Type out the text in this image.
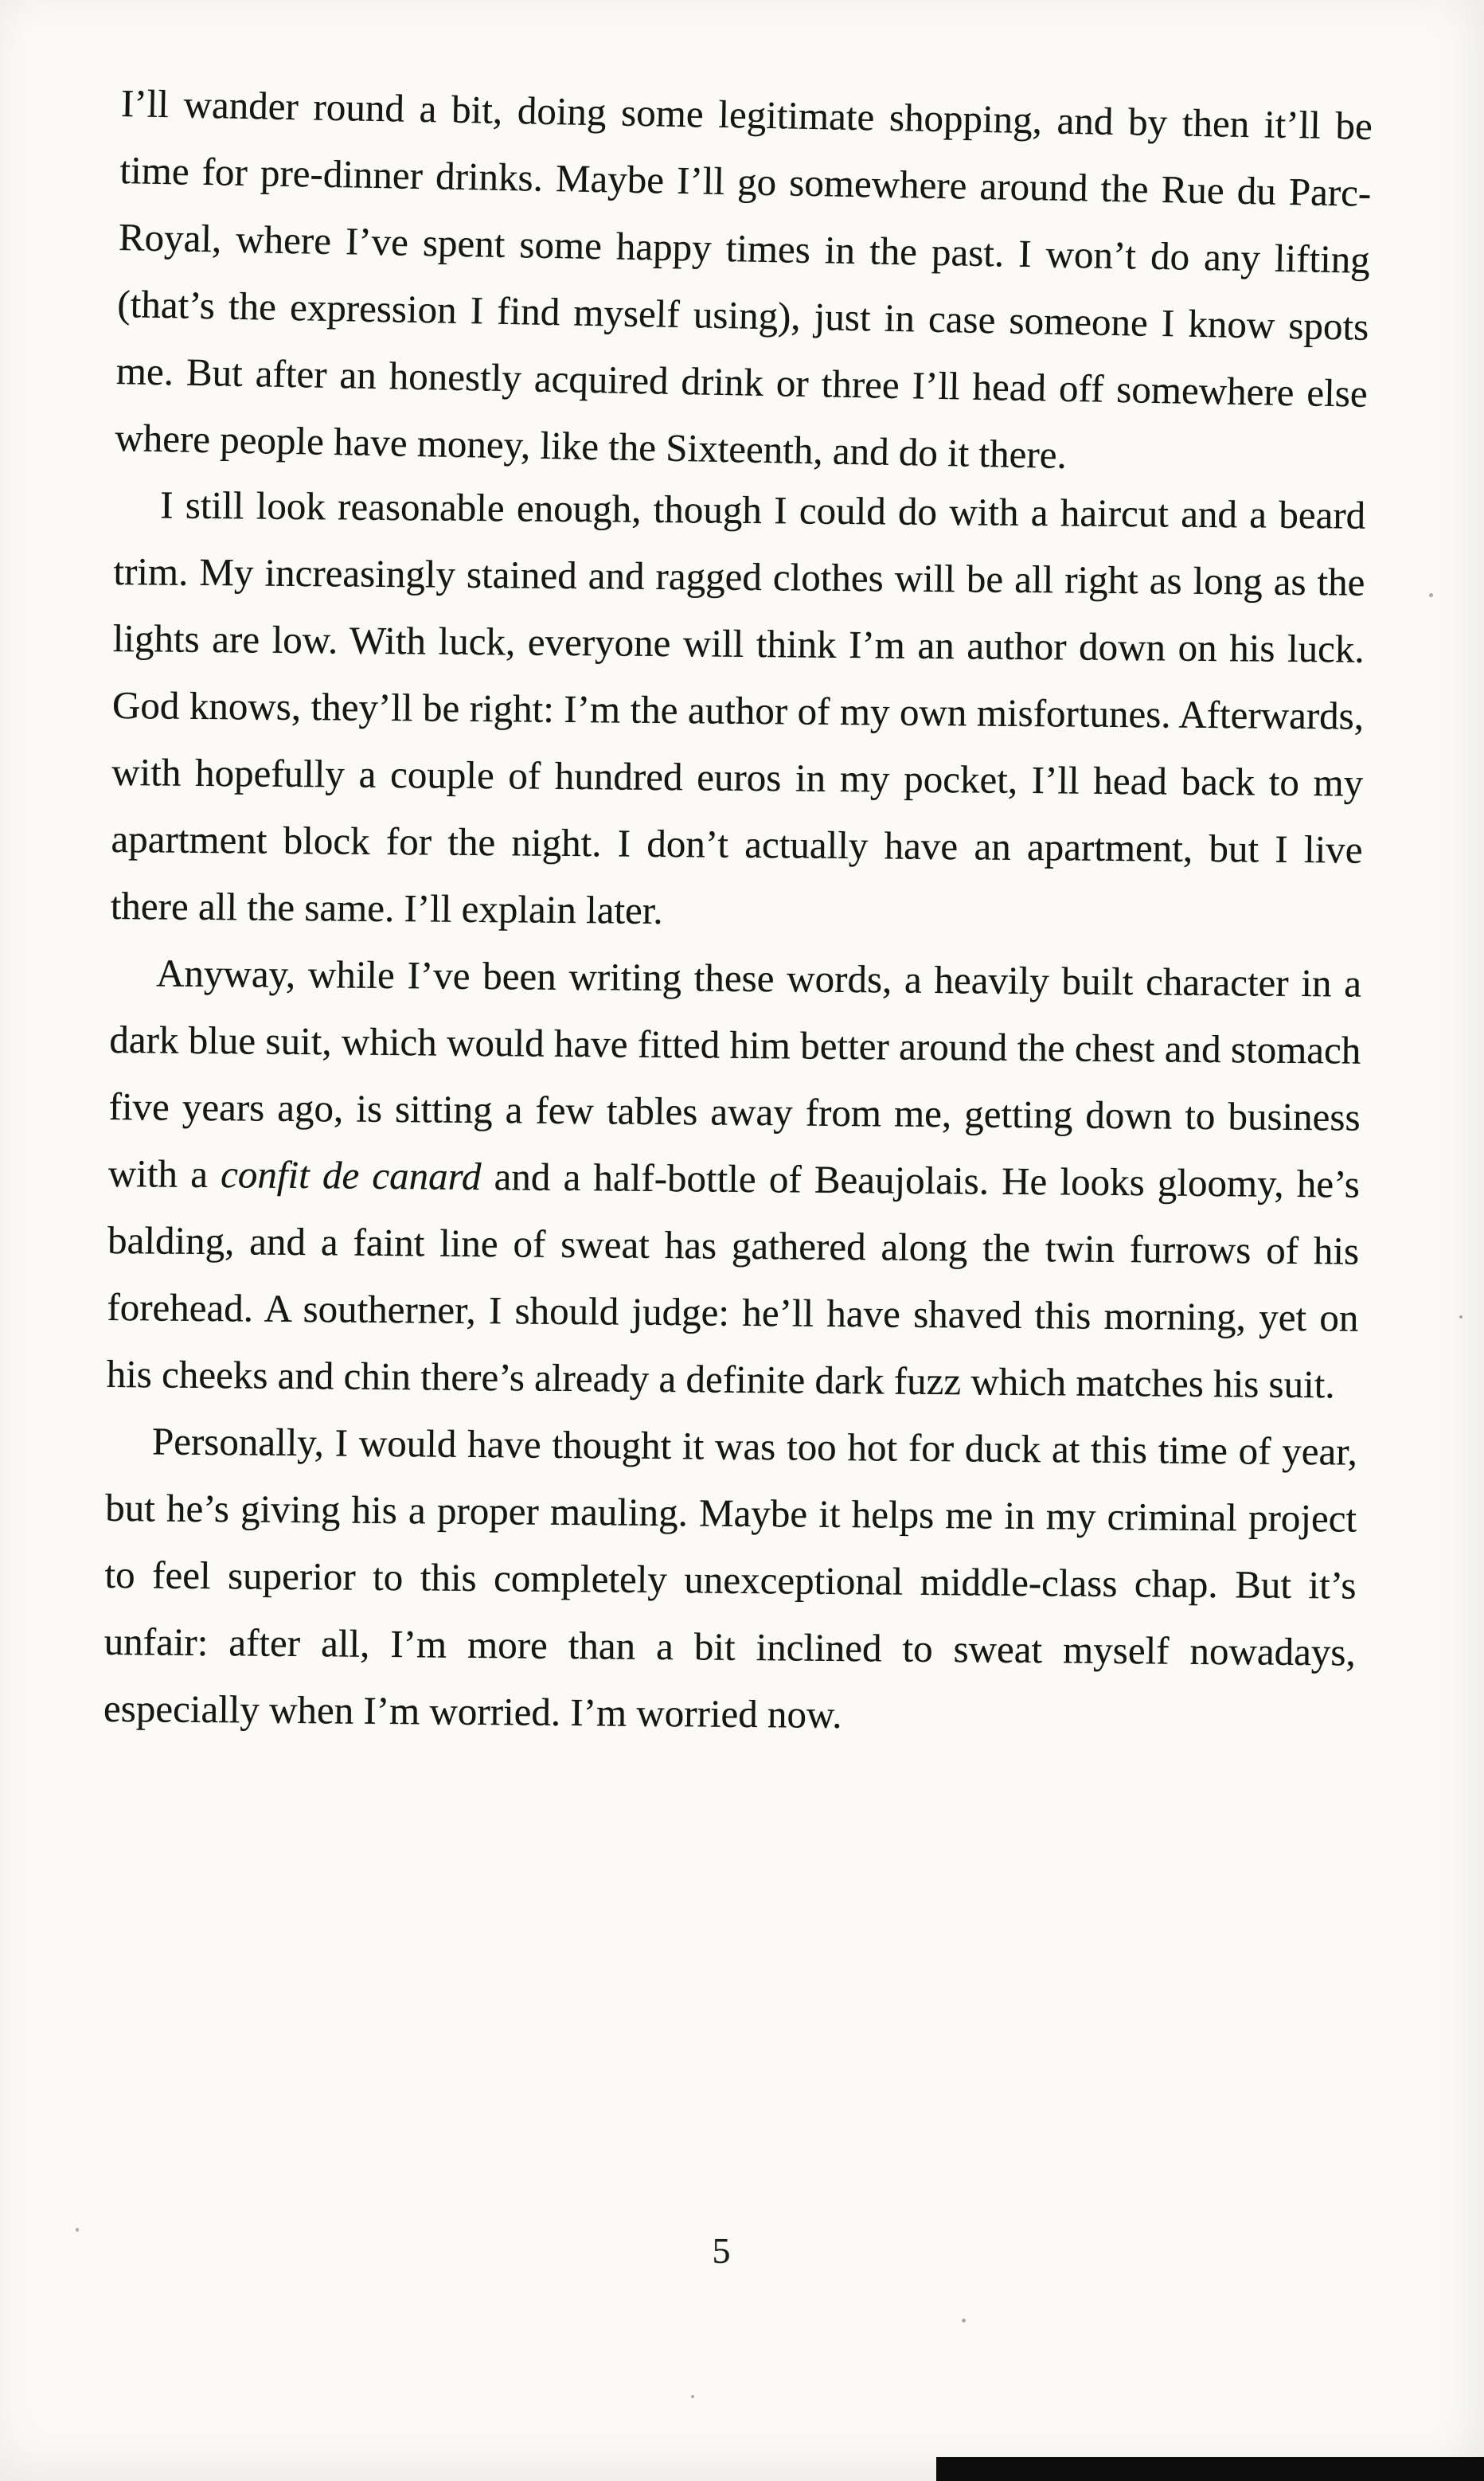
I’ll wander round a bit, doing some legitimate shopping, and by then it’ll be time for pre-dinner drinks. Maybe I’ll go somewhere around the Rue du Parc-Royal, where I’ve spent some happy times in the past. I won’t do any lifting (that’s the expression I find myself using), just in case someone I know spots me. But after an honestly acquired drink or three I’ll head off somewhere else where people have money, like the Sixteenth, and do it there.

I still look reasonable enough, though I could do with a haircut and a beard trim. My increasingly stained and ragged clothes will be all right as long as the lights are low. With luck, everyone will think I’m an author down on his luck. God knows, they’ll be right: I’m the author of my own misfortunes. Afterwards, with hopefully a couple of hundred euros in my pocket, I’ll head back to my apartment block for the night. I don’t actually have an apartment, but I live there all the same. I’ll explain later.

Anyway, while I’ve been writing these words, a heavily built character in a dark blue suit, which would have fitted him better around the chest and stomach five years ago, is sitting a few tables away from me, getting down to business with a confit de canard and a half-bottle of Beaujolais. He looks gloomy, he’s balding, and a faint line of sweat has gathered along the twin furrows of his forehead. A southerner, I should judge: he’ll have shaved this morning, yet on his cheeks and chin there’s already a definite dark fuzz which matches his suit.

Personally, I would have thought it was too hot for duck at this time of year, but he’s giving his a proper mauling. Maybe it helps me in my criminal project to feel superior to this completely unexceptional middle-class chap. But it’s unfair: after all, I’m more than a bit inclined to sweat myself nowadays, especially when I’m worried. I’m worried now.

5
